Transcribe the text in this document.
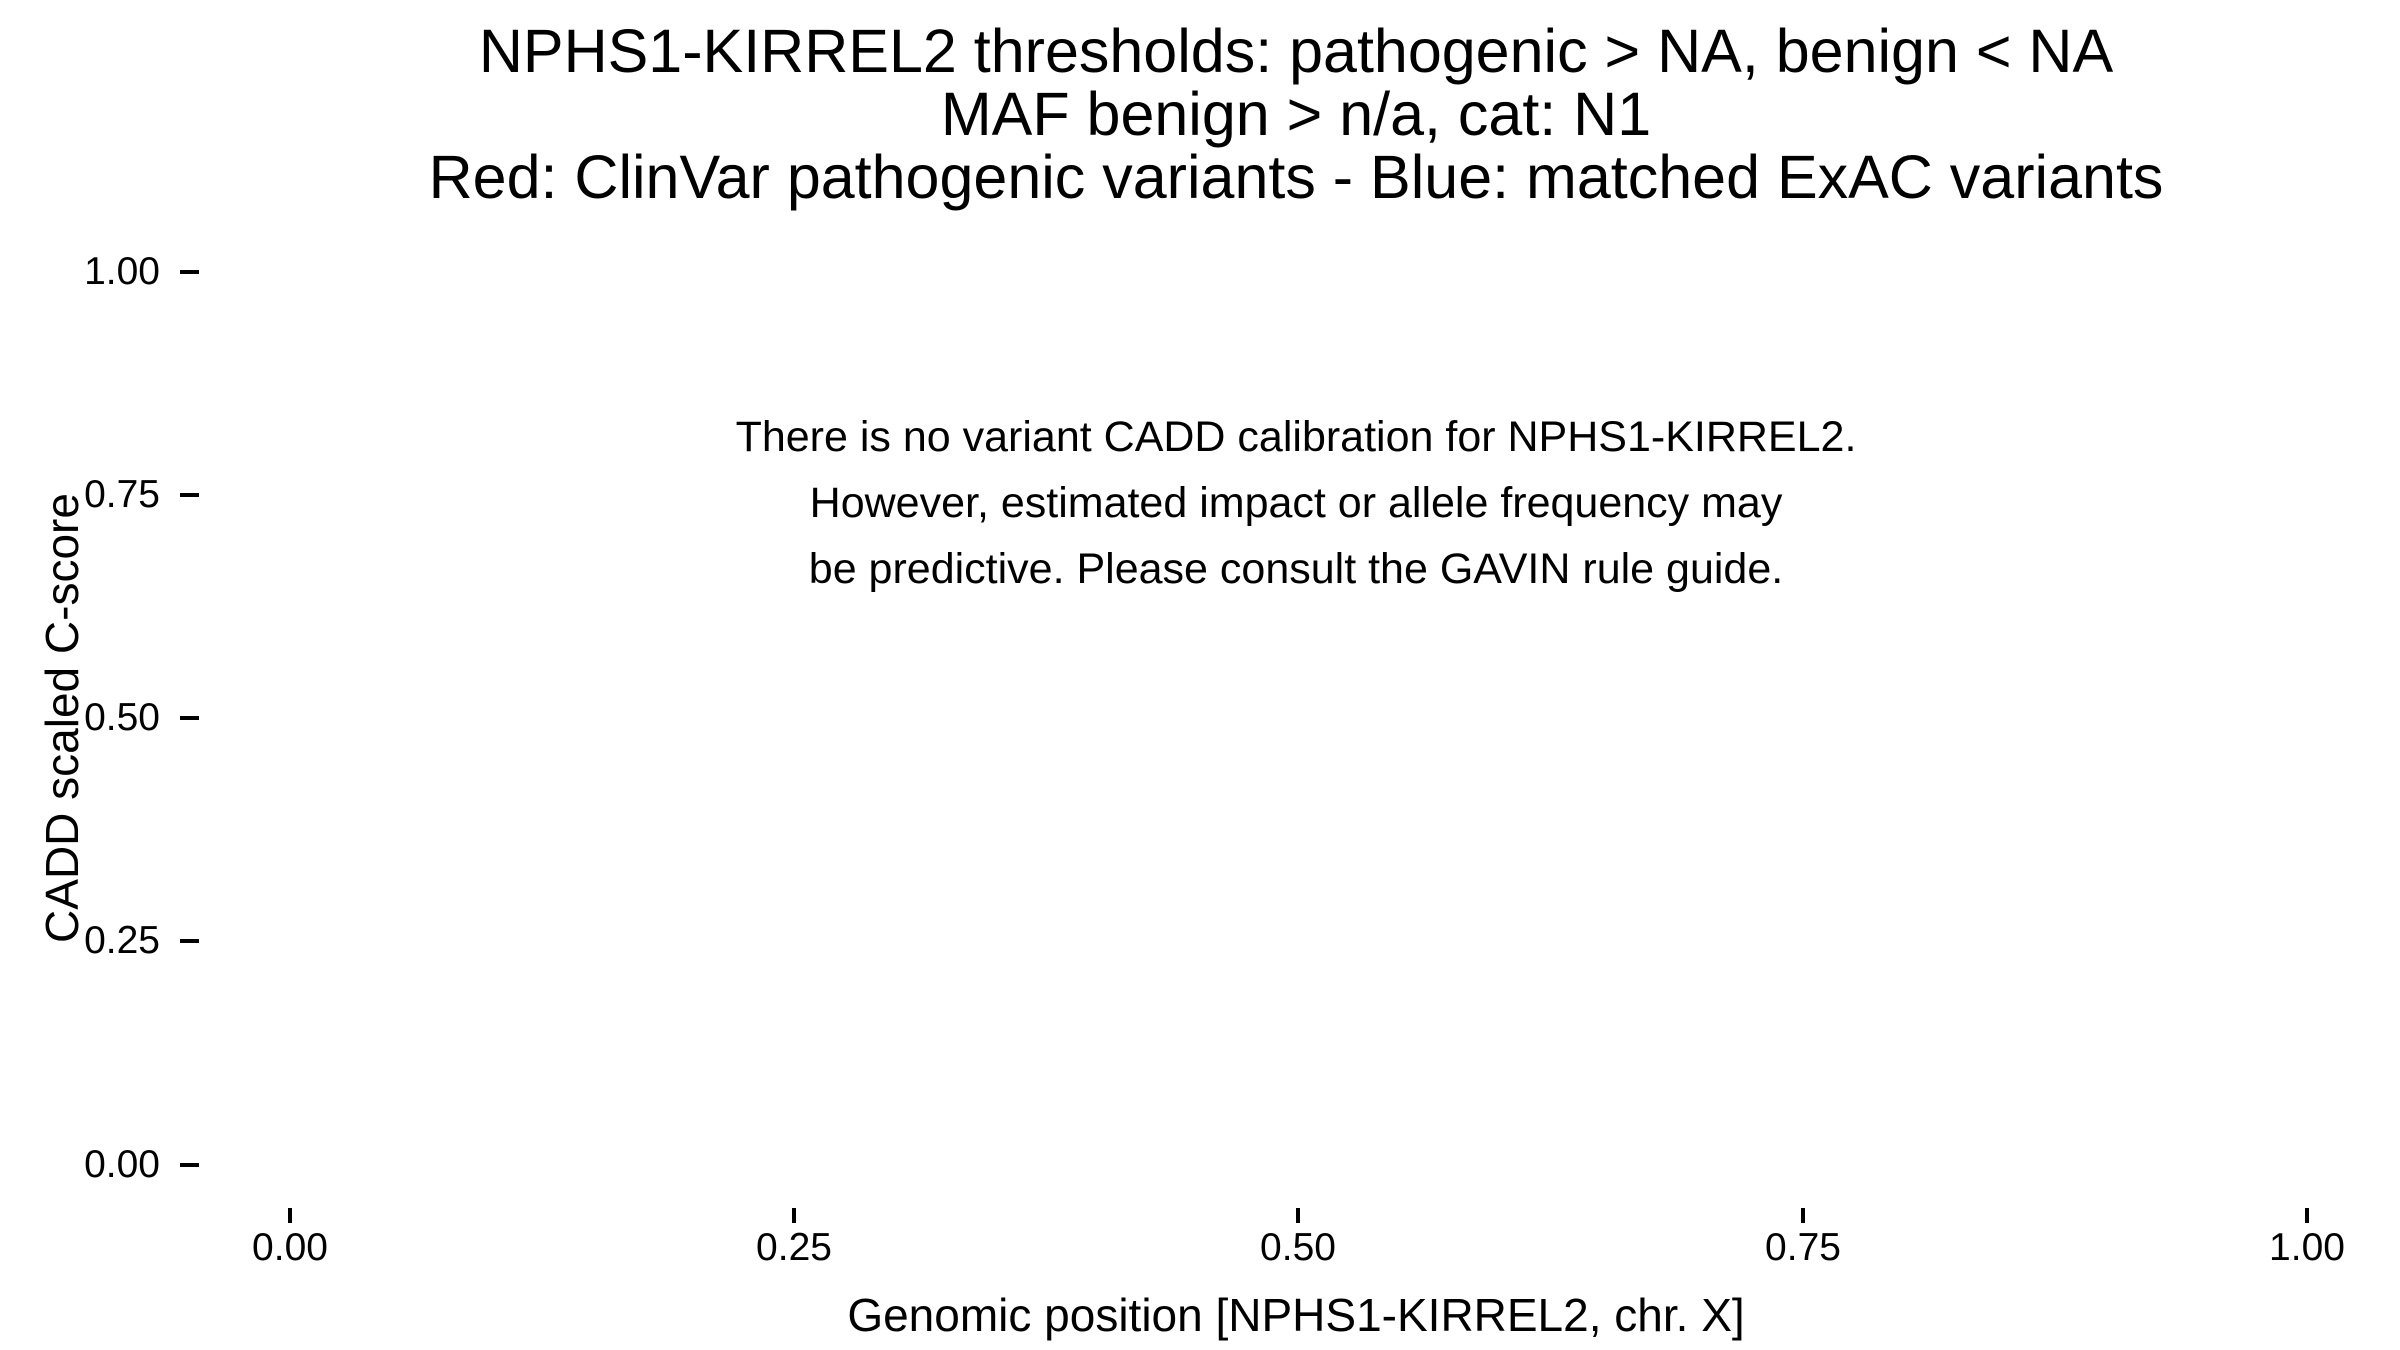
NPHS1-KIRREL2 thresholds: pathogenic > NA, benign < NA
MAF benign > n/a, cat: N1
Red: ClinVar pathogenic variants - Blue: matched ExAC variants
CADD scaled C-score
1.00
0.75
0.50
0.25
0.00
There is no variant CADD calibration for NPHS1-KIRREL2.
However, estimated impact or allele frequency may
be predictive. Please consult the GAVIN rule guide.
0.00	0.25	0.50	0.75	1.00
Genomic position [NPHS1-KIRREL2, chr. X]
